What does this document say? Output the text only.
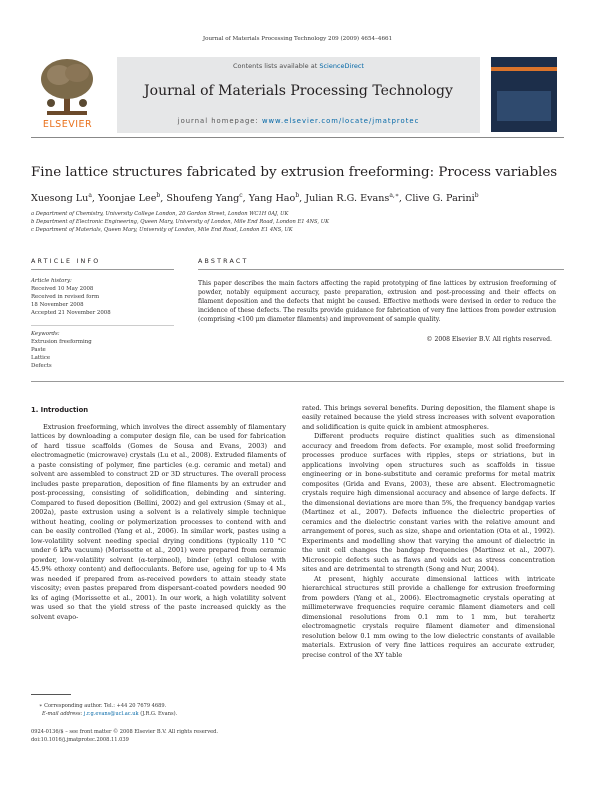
Journal of Materials Processing Technology 209 (2009) 4654–4661
ELSEVIER
Contents lists available at ScienceDirect
Journal of Materials Processing Technology
journal homepage: www.elsevier.com/locate/jmatprotec
Fine lattice structures fabricated by extrusion freeforming: Process variables
Xuesong Lu$^a$, Yoonjae Lee$^b$, Shoufeng Yang$^c$, Yang Hao$^b$, Julian R.G. Evans$^{a,∗}$, Clive G. Parini$^b$
a Department of Chemistry, University College London, 20 Gordon Street, London WC1H 0AJ, UK
b Department of Electronic Engineering, Queen Mary, University of London, Mile End Road, London E1 4NS, UK
c Department of Materials, Queen Mary, University of London, Mile End Road, London E1 4NS, UK
ARTICLE INFO	ABSTRACT
Article history:
Received 10 May 2008
Received in revised form
18 November 2008
Accepted 21 November 2008
Keywords:
Extrusion freeforming
Paste
Lattice
Defects
This paper describes the main factors affecting the rapid prototyping of fine lattices by extrusion freeforming of powder, notably equipment accuracy, paste preparation, extrusion and post-processing and their effects on filament deposition and the defects that might be caused. Effective methods were devised in order to reduce the incidence of these defects. The results provide guidance for fabrication of very fine lattices from powder extrusion (comprising <100 μm diameter filaments) and improvement of sample quality.
© 2008 Elsevier B.V. All rights reserved.
1. Introduction

Extrusion freeforming, which involves the direct assembly of filamentary lattices by downloading a computer design file, can be used for fabrication of hard tissue scaffolds (Gomes de Sousa and Evans, 2003) and electromagnetic (microwave) crystals (Lu et al., 2008). Extruded filaments of a paste consisting of polymer, fine particles (e.g. ceramic and metal) and solvent are assembled to construct 2D or 3D structures. The overall process includes paste preparation, deposition of fine filaments by an extruder and post-processing, consisting of solidification, debinding and sintering. Compared to fused deposition (Bellini, 2002) and gel extrusion (Smay et al., 2002a), paste extrusion using a solvent is a relatively simple technique without heating, cooling or polymerization processes to contend with and can be easily controlled (Yang et al., 2006). In similar work, pastes using a low-volatility solvent needing special drying conditions (typically 110 °C under 6 kPa vacuum) (Morissette et al., 2001) were prepared from ceramic powder, low-volatility solvent (α-terpineol), binder (ethyl cellulose with 45.9% ethoxy content) and deflocculants. Before use, ageing for up to 4 Ms was needed if prepared from as-received powders to attain steady state viscosity; even pastes prepared from dispersant-coated powders needed 90 ks of aging (Morissette et al., 2001). In our work, a high volatility solvent was used so that the yield stress of the paste increased quickly as the solvent evapo-

rated. This brings several benefits. During deposition, the filament shape is easily retained because the yield stress increases with solvent evaporation and solidification is quite quick in ambient atmospheres.

Different products require distinct qualities such as dimensional accuracy and freedom from defects. For example, most solid freeforming processes produce surfaces with ripples, steps or striations, but in applications involving open structures such as scaffolds in tissue engineering or in bone-substitute and ceramic preforms for metal matrix composites (Grida and Evans, 2003), these are absent. Electromagnetic crystals require high dimensional accuracy and absence of large defects. If the dimensional deviations are more than 5%, the frequency bandgap varies (Martinez et al., 2007). Defects influence the dielectric properties of ceramics and the dielectric constant varies with the relative amount and arrangement of pores, such as size, shape and orientation (Ota et al., 1992). Experiments and modelling show that varying the amount of dielectric in the unit cell changes the bandgap frequencies (Martinez et al., 2007). Microscopic defects such as flaws and voids act as stress concentration sites and are detrimental to strength (Song and Nur, 2004).

At present, highly accurate dimensional lattices with intricate hierarchical structures still provide a challenge for extrusion freeforming from powders (Yang et al., 2006). Electromagnetic crystals operating at millimeterwave frequencies require ceramic filament diameters and cell dimensional resolutions from 0.1 mm to 1 mm, but terahertz electromagnetic crystals require filament diameter and dimensional resolution below 0.1 mm owing to the low dielectric constants of available materials. Extrusion of very fine lattices requires an accurate extruder, precise control of the XY table

∗ Corresponding author. Tel.: +44 20 7679 4689.
E-mail address: j.r.g.evans@ucl.ac.uk (J.R.G. Evans).
0924-0136/$ – see front matter © 2008 Elsevier B.V. All rights reserved.
doi:10.1016/j.jmatprotec.2008.11.039
